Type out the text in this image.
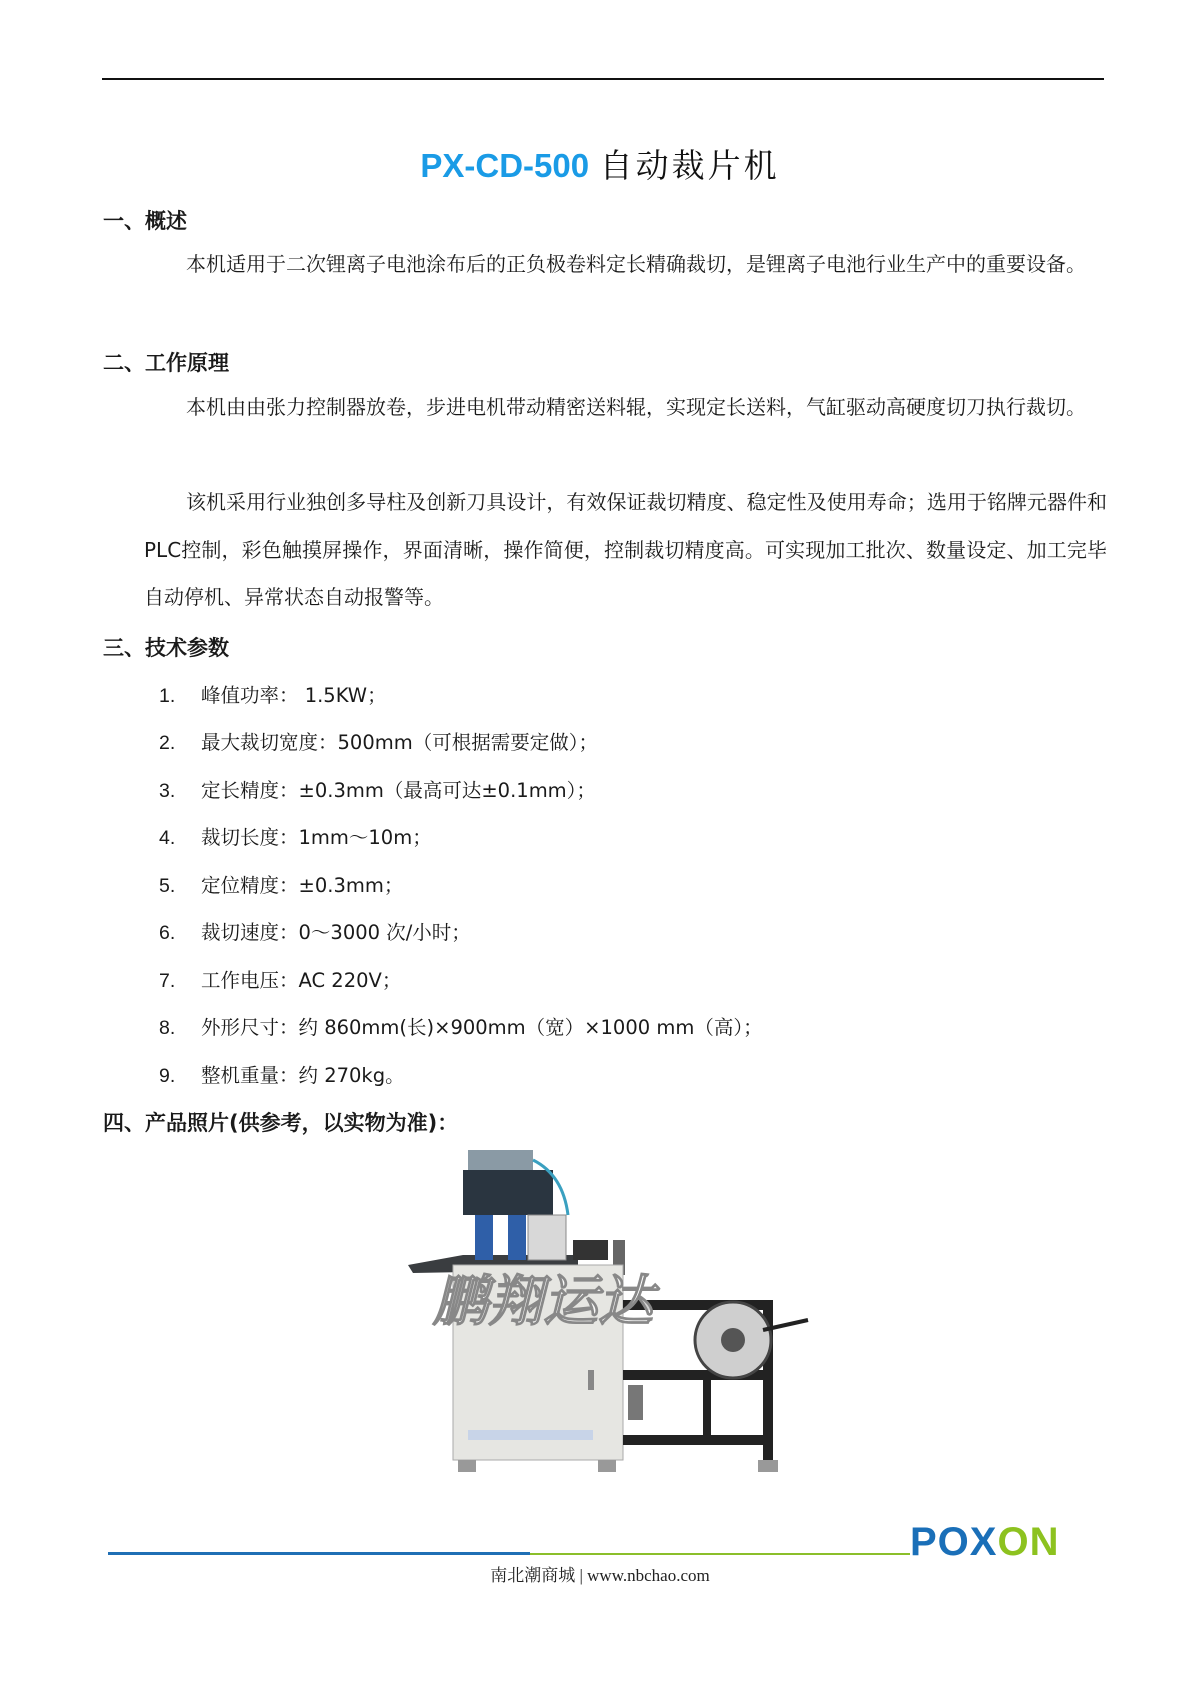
PX-CD-500 自动裁片机
一、概述
本机适用于二次锂离子电池涂布后的正负极卷料定长精确裁切，是锂离子电池行业生产中的重要设备。
二、工作原理
本机由由张力控制器放卷，步进电机带动精密送料辊，实现定长送料，气缸驱动高硬度切刀执行裁切。
该机采用行业独创多导柱及创新刀具设计，有效保证裁切精度、稳定性及使用寿命；选用于铭牌元器件和PLC控制，彩色触摸屏操作，界面清晰，操作简便，控制裁切精度高。可实现加工批次、数量设定、加工完毕自动停机、异常状态自动报警等。
三、技术参数
1. 峰值功率： 1.5KW；
2. 最大裁切宽度：500mm（可根据需要定做）；
3. 定长精度：±0.3mm（最高可达±0.1mm）；
4. 裁切长度：1mm～10m；
5. 定位精度：±0.3mm；
6. 裁切速度：0～3000 次/小时；
7. 工作电压：AC 220V；
8. 外形尺寸：约 860mm(长)×900mm（宽）×1000 mm（高）；
9. 整机重量：约 270kg。
四、产品照片(供参考，以实物为准)：
鹏翔运达
POXON
南北潮商城 | www.nbchao.com
